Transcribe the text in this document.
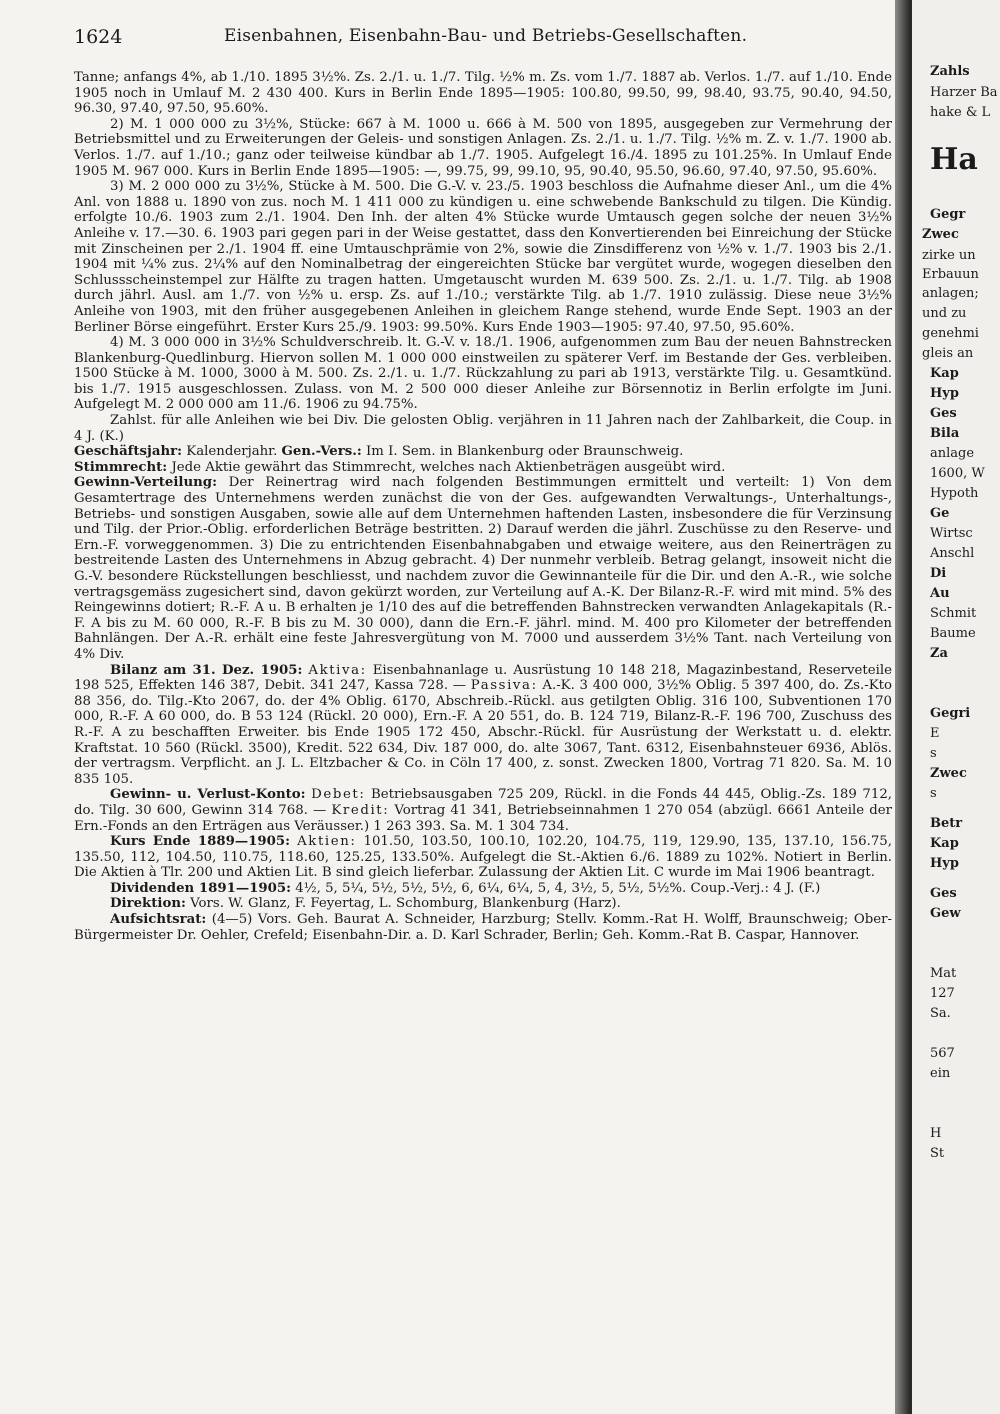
1624	Eisenbahnen, Eisenbahn-Bau- und Betriebs-Gesellschaften.

Tanne; anfangs 4%, ab 1./10. 1895 3½%. Zs. 2./1. u. 1./7. Tilg. ½% m. Zs. vom 1./7. 1887 ab. Verlos. 1./7. auf 1./10. Ende 1905 noch in Umlauf M. 2 430 400. Kurs in Berlin Ende 1895—1905: 100.80, 99.50, 99, 98.40, 93.75, 90.40, 94.50, 96.30, 97.40, 97.50, 95.60%.

2) M. 1 000 000 zu 3½%, Stücke: 667 à M. 1000 u. 666 à M. 500 von 1895, ausgegeben zur Vermehrung der Betriebsmittel und zu Erweiterungen der Geleis- und sonstigen Anlagen. Zs. 2./1. u. 1./7. Tilg. ½% m. Z. v. 1./7. 1900 ab. Verlos. 1./7. auf 1./10.; ganz oder teilweise kündbar ab 1./7. 1905. Aufgelegt 16./4. 1895 zu 101.25%. In Umlauf Ende 1905 M. 967 000. Kurs in Berlin Ende 1895—1905: —, 99.75, 99, 99.10, 95, 90.40, 95.50, 96.60, 97.40, 97.50, 95.60%.

3) M. 2 000 000 zu 3½%, Stücke à M. 500. Die G.-V. v. 23./5. 1903 beschloss die Aufnahme dieser Anl., um die 4% Anl. von 1888 u. 1890 von zus. noch M. 1 411 000 zu kündigen u. eine schwebende Bankschuld zu tilgen. Die Kündig. erfolgte 10./6. 1903 zum 2./1. 1904. Den Inh. der alten 4% Stücke wurde Umtausch gegen solche der neuen 3½% Anleihe v. 17.—30. 6. 1903 pari gegen pari in der Weise gestattet, dass den Konvertierenden bei Einreichung der Stücke mit Zinscheinen per 2./1. 1904 ff. eine Umtauschprämie von 2%, sowie die Zinsdifferenz von ½% v. 1./7. 1903 bis 2./1. 1904 mit ¼% zus. 2¼% auf den Nominalbetrag der eingereichten Stücke bar vergütet wurde, wogegen dieselben den Schlussscheinstempel zur Hälfte zu tragen hatten. Umgetauscht wurden M. 639 500. Zs. 2./1. u. 1./7. Tilg. ab 1908 durch jährl. Ausl. am 1./7. von ½% u. ersp. Zs. auf 1./10.; verstärkte Tilg. ab 1./7. 1910 zulässig. Diese neue 3½% Anleihe von 1903, mit den früher ausgegebenen Anleihen in gleichem Range stehend, wurde Ende Sept. 1903 an der Berliner Börse eingeführt. Erster Kurs 25./9. 1903: 99.50%. Kurs Ende 1903—1905: 97.40, 97.50, 95.60%.

4) M. 3 000 000 in 3½% Schuldverschreib. lt. G.-V. v. 18./1. 1906, aufgenommen zum Bau der neuen Bahnstrecken Blankenburg-Quedlinburg. Hiervon sollen M. 1 000 000 einstweilen zu späterer Verf. im Bestande der Ges. verbleiben. 1500 Stücke à M. 1000, 3000 à M. 500. Zs. 2./1. u. 1./7. Rückzahlung zu pari ab 1913, verstärkte Tilg. u. Gesamtkünd. bis 1./7. 1915 ausgeschlossen. Zulass. von M. 2 500 000 dieser Anleihe zur Börsennotiz in Berlin erfolgte im Juni. Aufgelegt M. 2 000 000 am 11./6. 1906 zu 94.75%.

Zahlst. für alle Anleihen wie bei Div. Die gelosten Oblig. verjähren in 11 Jahren nach der Zahlbarkeit, die Coup. in 4 J. (K.)

Geschäftsjahr: Kalenderjahr. Gen.-Vers.: Im I. Sem. in Blankenburg oder Braunschweig.

Stimmrecht: Jede Aktie gewährt das Stimmrecht, welches nach Aktienbeträgen ausgeübt wird.

Gewinn-Verteilung: Der Reinertrag wird nach folgenden Bestimmungen ermittelt und verteilt: 1) Von dem Gesamtertrage des Unternehmens werden zunächst die von der Ges. aufgewandten Verwaltungs-, Unterhaltungs-, Betriebs- und sonstigen Ausgaben, sowie alle auf dem Unternehmen haftenden Lasten, insbesondere die für Verzinsung und Tilg. der Prior.-Oblig. erforderlichen Beträge bestritten. 2) Darauf werden die jährl. Zuschüsse zu den Reserve- und Ern.-F. vorweggenommen. 3) Die zu entrichtenden Eisenbahnabgaben und etwaige weitere, aus den Reinerträgen zu bestreitende Lasten des Unternehmens in Abzug gebracht. 4) Der nunmehr verbleib. Betrag gelangt, insoweit nicht die G.-V. besondere Rückstellungen beschliesst, und nachdem zuvor die Gewinnanteile für die Dir. und den A.-R., wie solche vertragsgemäss zugesichert sind, davon gekürzt worden, zur Verteilung auf A.-K. Der Bilanz-R.-F. wird mit mind. 5% des Reingewinns dotiert; R.-F. A u. B erhalten je 1/10 des auf die betreffenden Bahnstrecken verwandten Anlagekapitals (R.-F. A bis zu M. 60 000, R.-F. B bis zu M. 30 000), dann die Ern.-F. jährl. mind. M. 400 pro Kilometer der betreffenden Bahnlängen. Der A.-R. erhält eine feste Jahresvergütung von M. 7000 und ausserdem 3½% Tant. nach Verteilung von 4% Div.

Bilanz am 31. Dez. 1905: Aktiva: Eisenbahnanlage u. Ausrüstung 10 148 218, Magazinbestand, Reserveteile 198 525, Effekten 146 387, Debit. 341 247, Kassa 728. — Passiva: A.-K. 3 400 000, 3½% Oblig. 5 397 400, do. Zs.-Kto 88 356, do. Tilg.-Kto 2067, do. der 4% Oblig. 6170, Abschreib.-Rückl. aus getilgten Oblig. 316 100, Subventionen 170 000, R.-F. A 60 000, do. B 53 124 (Rückl. 20 000), Ern.-F. A 20 551, do. B. 124 719, Bilanz-R.-F. 196 700, Zuschuss des R.-F. A zu beschafften Erweiter. bis Ende 1905 172 450, Abschr.-Rückl. für Ausrüstung der Werkstatt u. d. elektr. Kraftstat. 10 560 (Rückl. 3500), Kredit. 522 634, Div. 187 000, do. alte 3067, Tant. 6312, Eisenbahnsteuer 6936, Ablös. der vertragsm. Verpflicht. an J. L. Eltzbacher & Co. in Cöln 17 400, z. sonst. Zwecken 1800, Vortrag 71 820. Sa. M. 10 835 105.

Gewinn- u. Verlust-Konto: Debet: Betriebsausgaben 725 209, Rückl. in die Fonds 44 445, Oblig.-Zs. 189 712, do. Tilg. 30 600, Gewinn 314 768. — Kredit: Vortrag 41 341, Betriebseinnahmen 1 270 054 (abzügl. 6661 Anteile der Ern.-Fonds an den Erträgen aus Veräusser.) 1 263 393. Sa. M. 1 304 734.

Kurs Ende 1889—1905: Aktien: 101.50, 103.50, 100.10, 102.20, 104.75, 119, 129.90, 135, 137.10, 156.75, 135.50, 112, 104.50, 110.75, 118.60, 125.25, 133.50%. Aufgelegt die St.-Aktien 6./6. 1889 zu 102%. Notiert in Berlin. Die Aktien à Tlr. 200 und Aktien Lit. B sind gleich lieferbar. Zulassung der Aktien Lit. C wurde im Mai 1906 beantragt.

Dividenden 1891—1905: 4½, 5, 5¼, 5½, 5½, 5½, 6, 6¼, 6¼, 5, 4, 3½, 5, 5½, 5½%. Coup.-Verj.: 4 J. (F.)

Direktion: Vors. W. Glanz, F. Feyertag, L. Schomburg, Blankenburg (Harz).

Aufsichtsrat: (4—5) Vors. Geh. Baurat A. Schneider, Harzburg; Stellv. Komm.-Rat H. Wolff, Braunschweig; Ober-Bürgermeister Dr. Oehler, Crefeld; Eisenbahn-Dir. a. D. Karl Schrader, Berlin; Geh. Komm.-Rat B. Caspar, Hannover.

Zahls
Harzer Ba
hake & L
Ha
Gegr
Zwec
zirke un
Erbauun
anlagen;
und zu
genehmi
gleis an
Kap
Hyp
Ges
Bila
anlage
1600, W
Hypoth
Ge
Wirtsc
Anschl
Di
Au
Schmit
Baume
Za
Gegri
E
s
Zwec
s
Betr
Kap
Hyp
Ges
Gew
Mat
127
Sa.
567
ein
H
St
